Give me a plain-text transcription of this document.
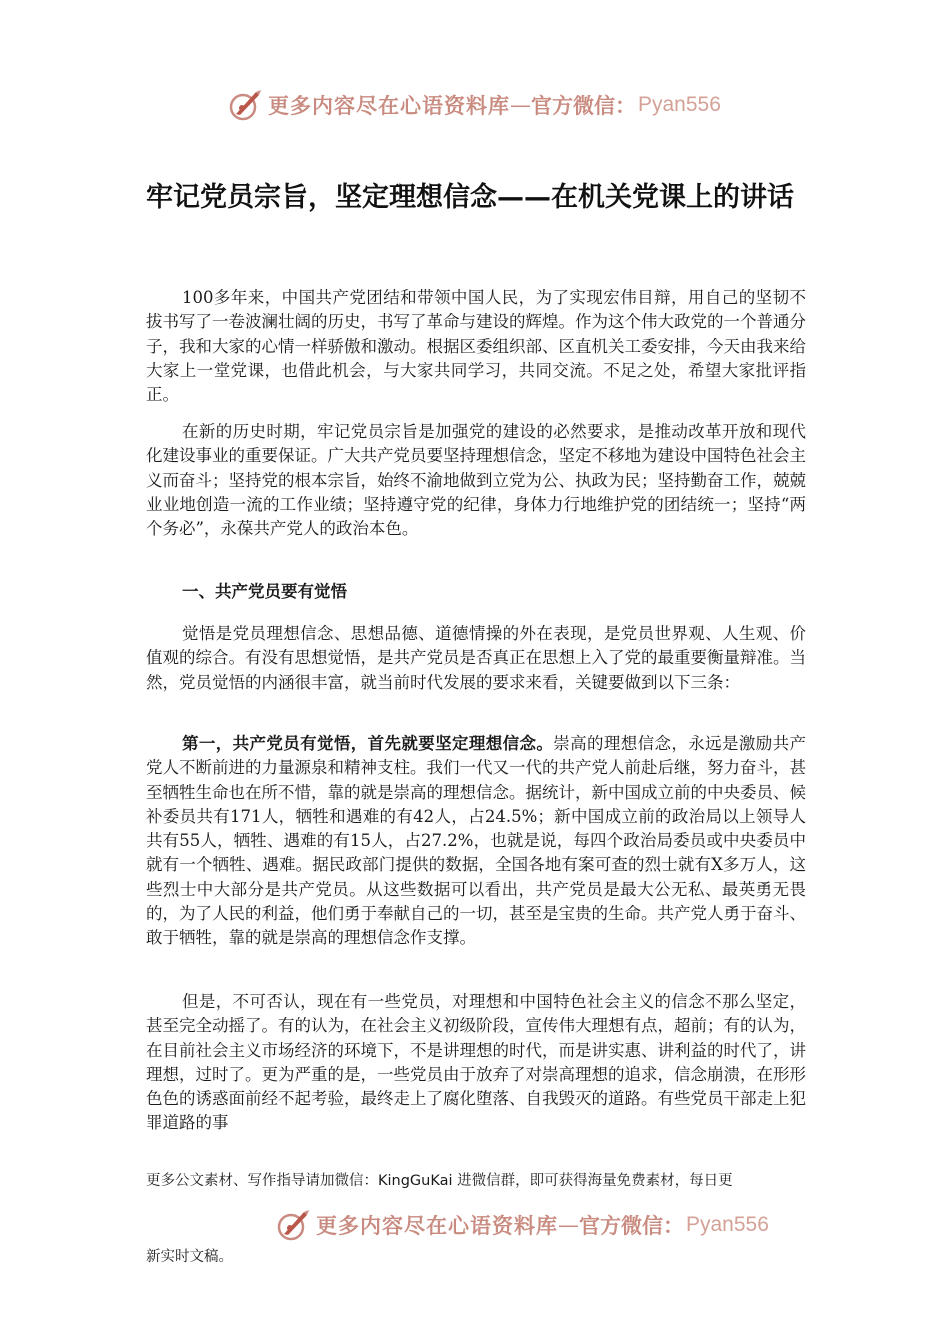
更多内容尽在心语资料库 — 官方微信： Pyan556
牢记党员宗旨，坚定理想信念——在机关党课上的讲话

100多年来，中国共产党团结和带领中国人民，为了实现宏伟目辩，用自己的坚韧不拔书写了一卷波澜壮阔的历史，书写了革命与建设的辉煌。作为这个伟大政党的一个普通分子，我和大家的心情一样骄傲和激动。根据区委组织部、区直机关工委安排，今天由我来给大家上一堂党课，也借此机会，与大家共同学习，共同交流。不足之处，希望大家批评指正。

在新的历史时期，牢记党员宗旨是加强党的建设的必然要求，是推动改革开放和现代化建设事业的重要保证。广大共产党员要坚持理想信念，坚定不移地为建设中国特色社会主义而奋斗；坚持党的根本宗旨，始终不渝地做到立党为公、执政为民；坚持勤奋工作，兢兢业业地创造一流的工作业绩；坚持遵守党的纪律，身体力行地维护党的团结统一；坚持“两个务必”，永葆共产党人的政治本色。

一、共产党员要有觉悟

觉悟是党员理想信念、思想品德、道德情操的外在表现，是党员世界观、人生观、价值观的综合。有没有思想觉悟，是共产党员是否真正在思想上入了党的最重要衡量辩准。当然，党员觉悟的内涵很丰富，就当前时代发展的要求来看，关键要做到以下三条：

第一，共产党员有觉悟，首先就要坚定理想信念。崇高的理想信念，永远是激励共产党人不断前进的力量源泉和精神支柱。我们一代又一代的共产党人前赴后继，努力奋斗，甚至牺牲生命也在所不惜，靠的就是崇高的理想信念。据统计，新中国成立前的中央委员、候补委员共有171人，牺牲和遇难的有42人，占24.5%；新中国成立前的政治局以上领导人共有55人，牺牲、遇难的有15人，占27.2%，也就是说，每四个政治局委员或中央委员中就有一个牺牲、遇难。据民政部门提供的数据，全国各地有案可查的烈士就有X多万人，这些烈士中大部分是共产党员。从这些数据可以看出，共产党员是最大公无私、最英勇无畏的，为了人民的利益，他们勇于奉献自己的一切，甚至是宝贵的生命。共产党人勇于奋斗、敢于牺牲，靠的就是崇高的理想信念作支撑。

但是，不可否认，现在有一些党员，对理想和中国特色社会主义的信念不那么坚定，甚至完全动摇了。有的认为，在社会主义初级阶段，宣传伟大理想有点，超前；有的认为，在目前社会主义市场经济的环境下，不是讲理想的时代，而是讲实惠、讲利益的时代了，讲理想，过时了。更为严重的是，一些党员由于放弃了对崇高理想的追求，信念崩溃，在形形色色的诱惑面前经不起考验，最终走上了腐化堕落、自我毁灭的道路。有些党员干部走上犯罪道路的事

更多公文素材、写作指导请加微信：KingGuKai 进微信群，即可获得海量免费素材，每日更

更多内容尽在心语资料库 — 官方微信： Pyan556

新实时文稿。
